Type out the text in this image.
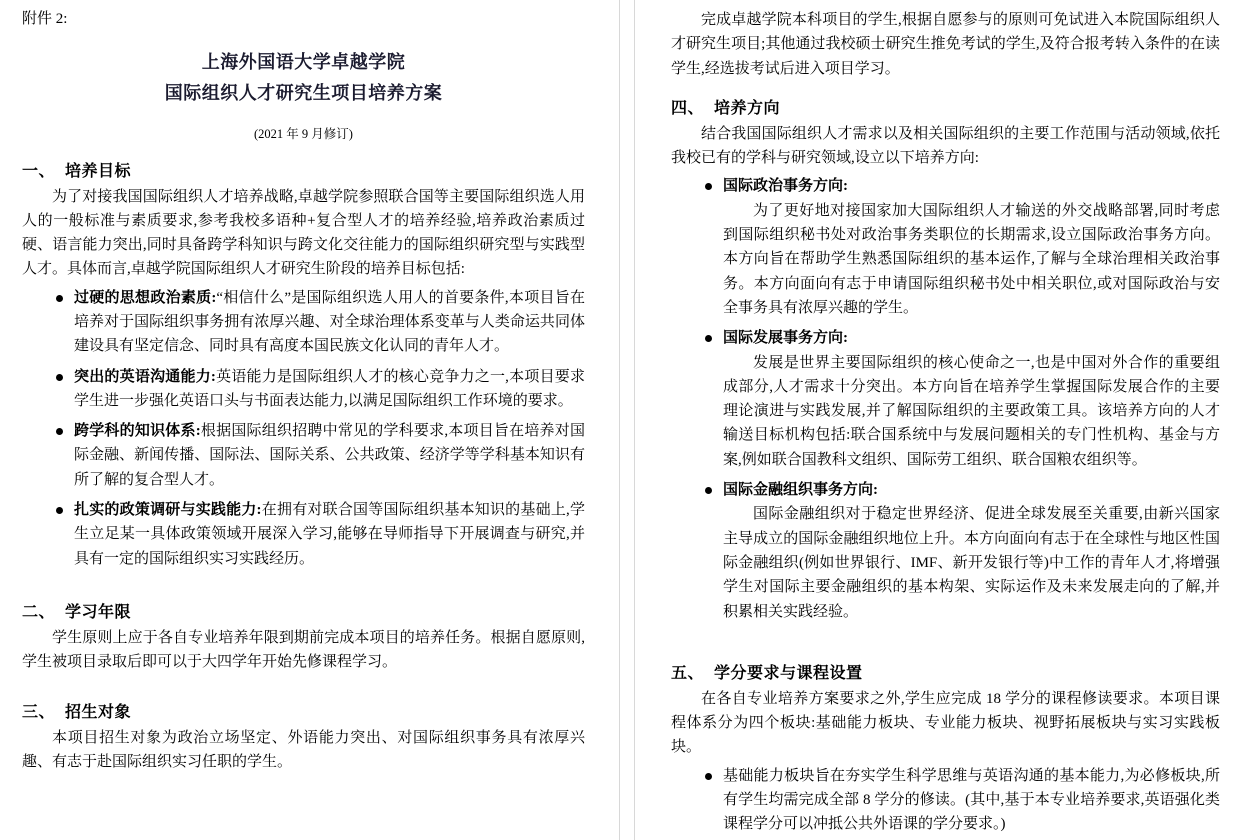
附件 2:
上海外国语大学卓越学院
国际组织人才研究生项目培养方案
(2021 年 9 月修订)
一、 培养目标

为了对接我国国际组织人才培养战略,卓越学院参照联合国等主要国际组织选人用人的一般标准与素质要求,参考我校多语种+复合型人才的培养经验,培养政治素质过硬、语言能力突出,同时具备跨学科知识与跨文化交往能力的国际组织研究型与实践型人才。具体而言,卓越学院国际组织人才研究生阶段的培养目标包括:

过硬的思想政治素质:“相信什么”是国际组织选人用人的首要条件,本项目旨在培养对于国际组织事务拥有浓厚兴趣、对全球治理体系变革与人类命运共同体建设具有坚定信念、同时具有高度本国民族文化认同的青年人才。
突出的英语沟通能力:英语能力是国际组织人才的核心竞争力之一,本项目要求学生进一步强化英语口头与书面表达能力,以满足国际组织工作环境的要求。
跨学科的知识体系:根据国际组织招聘中常见的学科要求,本项目旨在培养对国际金融、新闻传播、国际法、国际关系、公共政策、经济学等学科基本知识有所了解的复合型人才。
扎实的政策调研与实践能力:在拥有对联合国等国际组织基本知识的基础上,学生立足某一具体政策领域开展深入学习,能够在导师指导下开展调查与研究,并具有一定的国际组织实习实践经历。
二、 学习年限

学生原则上应于各自专业培养年限到期前完成本项目的培养任务。根据自愿原则,学生被项目录取后即可以于大四学年开始先修课程学习。

三、 招生对象

本项目招生对象为政治立场坚定、外语能力突出、对国际组织事务具有浓厚兴趣、有志于赴国际组织实习任职的学生。

完成卓越学院本科项目的学生,根据自愿参与的原则可免试进入本院国际组织人才研究生项目;其他通过我校硕士研究生推免考试的学生,及符合报考转入条件的在读学生,经选拔考试后进入项目学习。

四、 培养方向

结合我国国际组织人才需求以及相关国际组织的主要工作范围与活动领域,依托我校已有的学科与研究领域,设立以下培养方向:

国际政治事务方向:
为了更好地对接国家加大国际组织人才输送的外交战略部署,同时考虑到国际组织秘书处对政治事务类职位的长期需求,设立国际政治事务方向。本方向旨在帮助学生熟悉国际组织的基本运作,了解与全球治理相关政治事务。本方向面向有志于申请国际组织秘书处中相关职位,或对国际政治与安全事务具有浓厚兴趣的学生。
国际发展事务方向:
发展是世界主要国际组织的核心使命之一,也是中国对外合作的重要组成部分,人才需求十分突出。本方向旨在培养学生掌握国际发展合作的主要理论演进与实践发展,并了解国际组织的主要政策工具。该培养方向的人才输送目标机构包括:联合国系统中与发展问题相关的专门性机构、基金与方案,例如联合国教科文组织、国际劳工组织、联合国粮农组织等。
国际金融组织事务方向:
国际金融组织对于稳定世界经济、促进全球发展至关重要,由新兴国家主导成立的国际金融组织地位上升。本方向面向有志于在全球性与地区性国际金融组织(例如世界银行、IMF、新开发银行等)中工作的青年人才,将增强学生对国际主要金融组织的基本构架、实际运作及未来发展走向的了解,并积累相关实践经验。
五、 学分要求与课程设置

在各自专业培养方案要求之外,学生应完成 18 学分的课程修读要求。本项目课程体系分为四个板块:基础能力板块、专业能力板块、视野拓展板块与实习实践板块。

基础能力板块旨在夯实学生科学思维与英语沟通的基本能力,为必修板块,所有学生均需完成全部 8 学分的修读。(其中,基于本专业培养要求,英语强化类课程学分可以冲抵公共外语课的学分要求。)
